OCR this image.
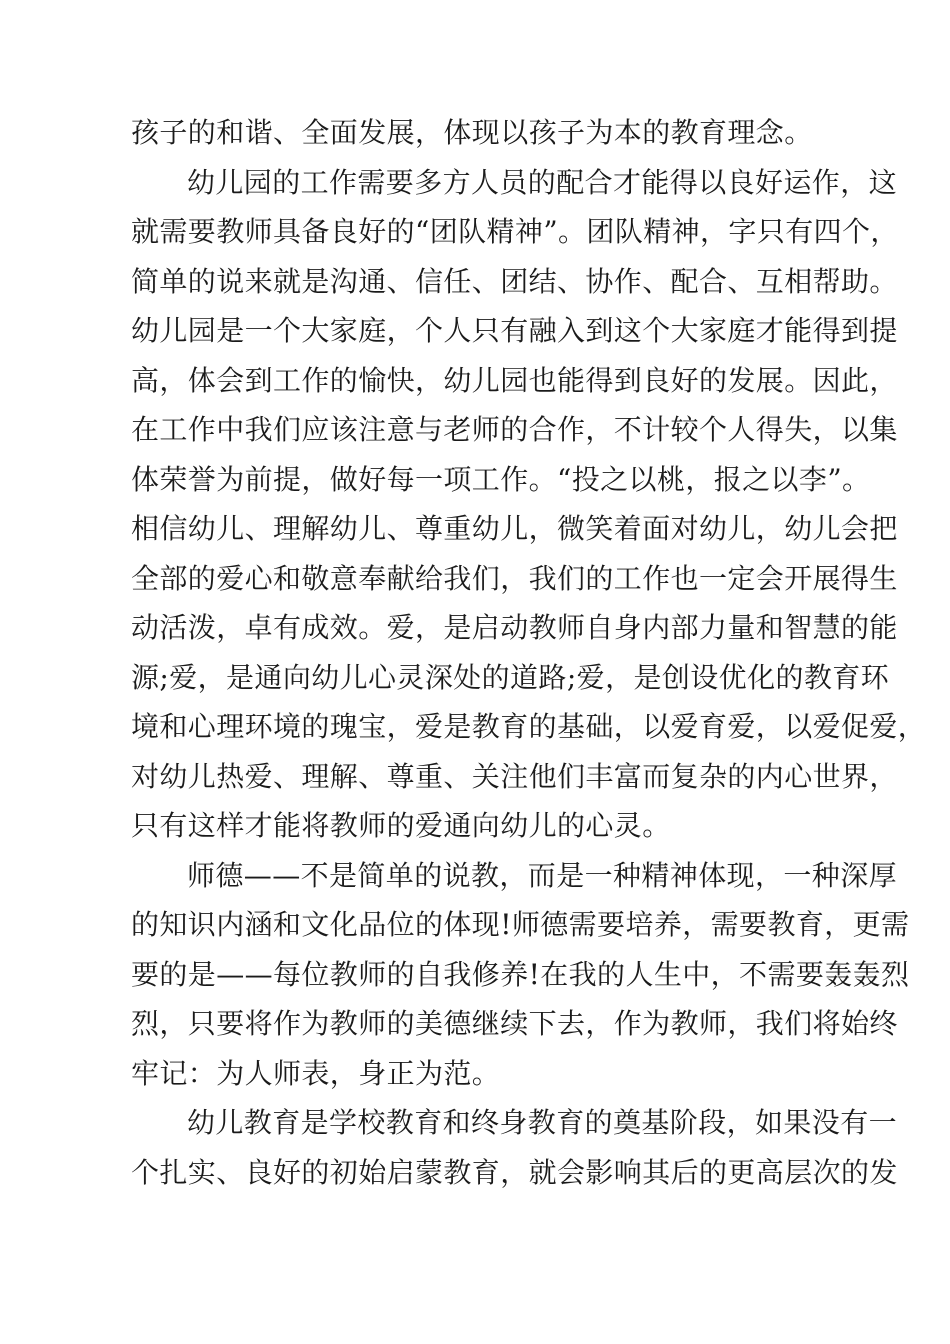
孩子的和谐、全面发展，体现以孩子为本的教育理念。
幼儿园的工作需要多方人员的配合才能得以良好运作，这
就需要教师具备良好的“团队精神”。团队精神，字只有四个，
简单的说来就是沟通、信任、团结、协作、配合、互相帮助。
幼儿园是一个大家庭，个人只有融入到这个大家庭才能得到提
高，体会到工作的愉快，幼儿园也能得到良好的发展。因此，
在工作中我们应该注意与老师的合作，不计较个人得失，以集
体荣誉为前提，做好每一项工作。“投之以桃，报之以李”。
相信幼儿、理解幼儿、尊重幼儿，微笑着面对幼儿，幼儿会把
全部的爱心和敬意奉献给我们，我们的工作也一定会开展得生
动活泼，卓有成效。爱，是启动教师自身内部力量和智慧的能
源;爱，是通向幼儿心灵深处的道路;爱，是创设优化的教育环
境和心理环境的瑰宝，爱是教育的基础，以爱育爱，以爱促爱，
对幼儿热爱、理解、尊重、关注他们丰富而复杂的内心世界，
只有这样才能将教师的爱通向幼儿的心灵。
师德——不是简单的说教，而是一种精神体现，一种深厚
的知识内涵和文化品位的体现!师德需要培养，需要教育，更需
要的是——每位教师的自我修养!在我的人生中，不需要轰轰烈
烈，只要将作为教师的美德继续下去，作为教师，我们将始终
牢记：为人师表，身正为范。
幼儿教育是学校教育和终身教育的奠基阶段，如果没有一
个扎实、良好的初始启蒙教育，就会影响其后的更高层次的发
